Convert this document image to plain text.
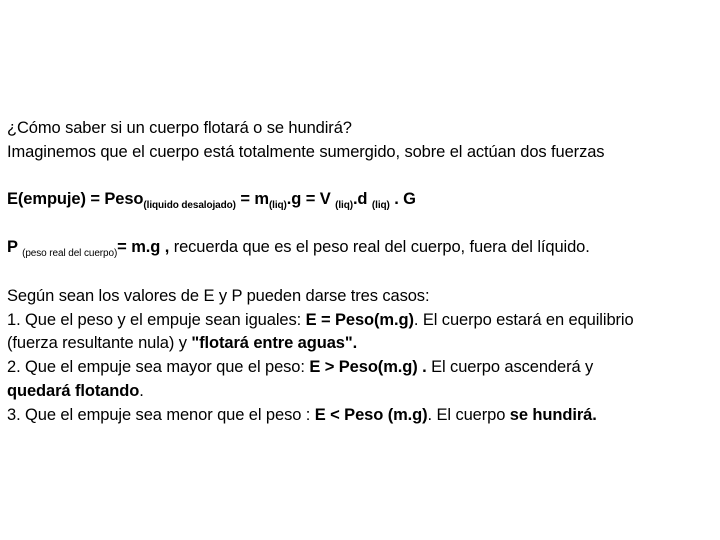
¿Cómo saber si un cuerpo flotará o se hundirá?
Imaginemos que el cuerpo está totalmente sumergido, sobre el actúan dos fuerzas
E(empuje) = Peso$_{(liquido desalojado)}$ = $m_{(liq)}.g = V$ $_{(liq)}$.d $_{(liq)}$ . G
P $_{(peso real del cuerpo)}$= m.g , recuerda que es el peso real del cuerpo, fuera del líquido.
Según sean los valores de E y P pueden darse tres casos:
1. Que el peso y el empuje sean iguales: E = Peso(m.g). El cuerpo estará en equilibrio
(fuerza resultante nula) y "flotará entre aguas".
2. Que el empuje sea mayor que el peso: E > Peso(m.g) . El cuerpo ascenderá y
quedará flotando.
3. Que el empuje sea menor que el peso : E < Peso (m.g). El cuerpo se hundirá.
